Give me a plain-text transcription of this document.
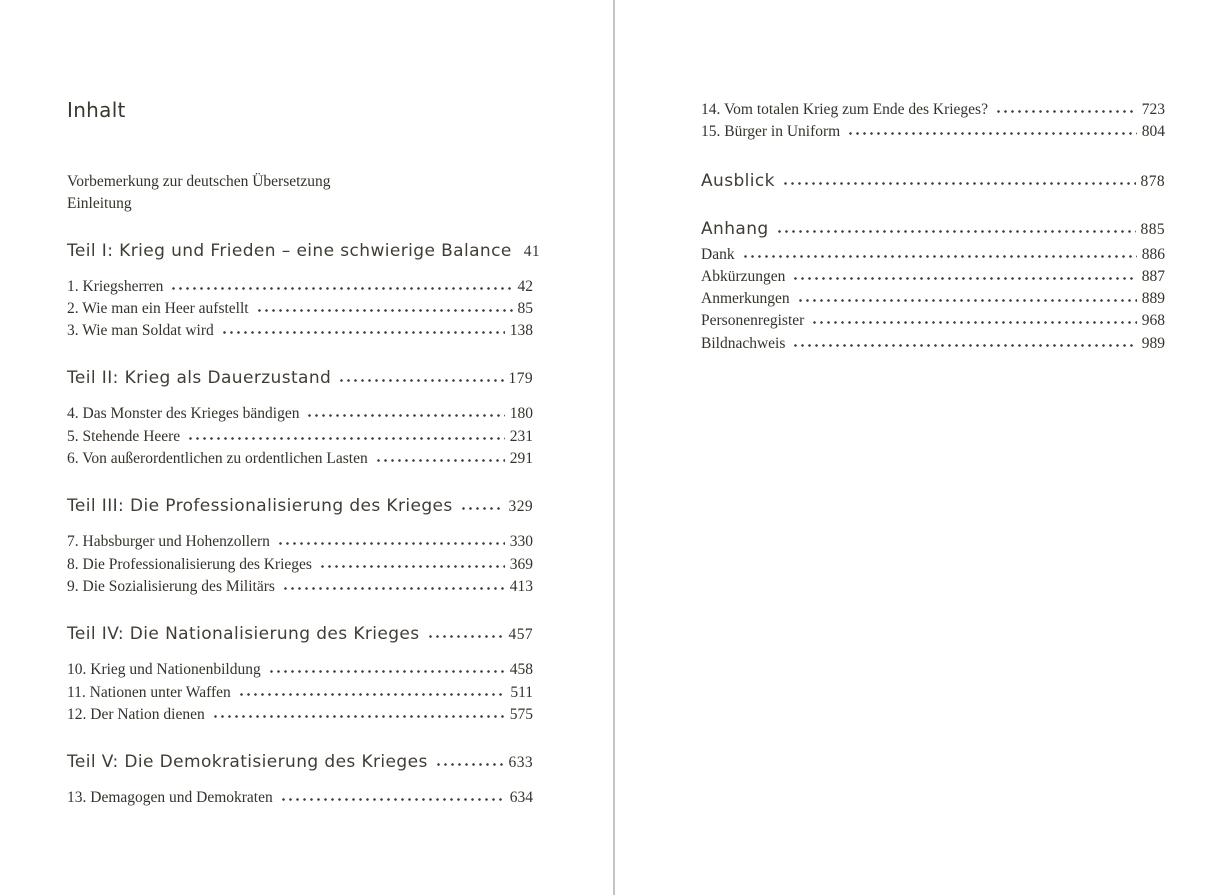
Inhalt
Vorbemerkung zur deutschen Übersetzung
Einleitung
Teil I: Krieg und Frieden – eine schwierige Balance 41
1. Kriegsherren	42
2. Wie man ein Heer aufstellt	85
3. Wie man Soldat wird	138
Teil II: Krieg als Dauerzustand	179
4. Das Monster des Krieges bändigen	180
5. Stehende Heere	231
6. Von außerordentlichen zu ordentlichen Lasten	291
Teil III: Die Professionalisierung des Krieges	329
7. Habsburger und Hohenzollern	330
8. Die Professionalisierung des Krieges	369
9. Die Sozialisierung des Militärs	413
Teil IV: Die Nationalisierung des Krieges	457
10. Krieg und Nationenbildung	458
11. Nationen unter Waffen	511
12. Der Nation dienen	575
Teil V: Die Demokratisierung des Krieges	633
13. Demagogen und Demokraten	634
14. Vom totalen Krieg zum Ende des Krieges?	723
15. Bürger in Uniform	804
Ausblick	878
Anhang	885
Dank	886
Abkürzungen	887
Anmerkungen	889
Personenregister	968
Bildnachweis	989
